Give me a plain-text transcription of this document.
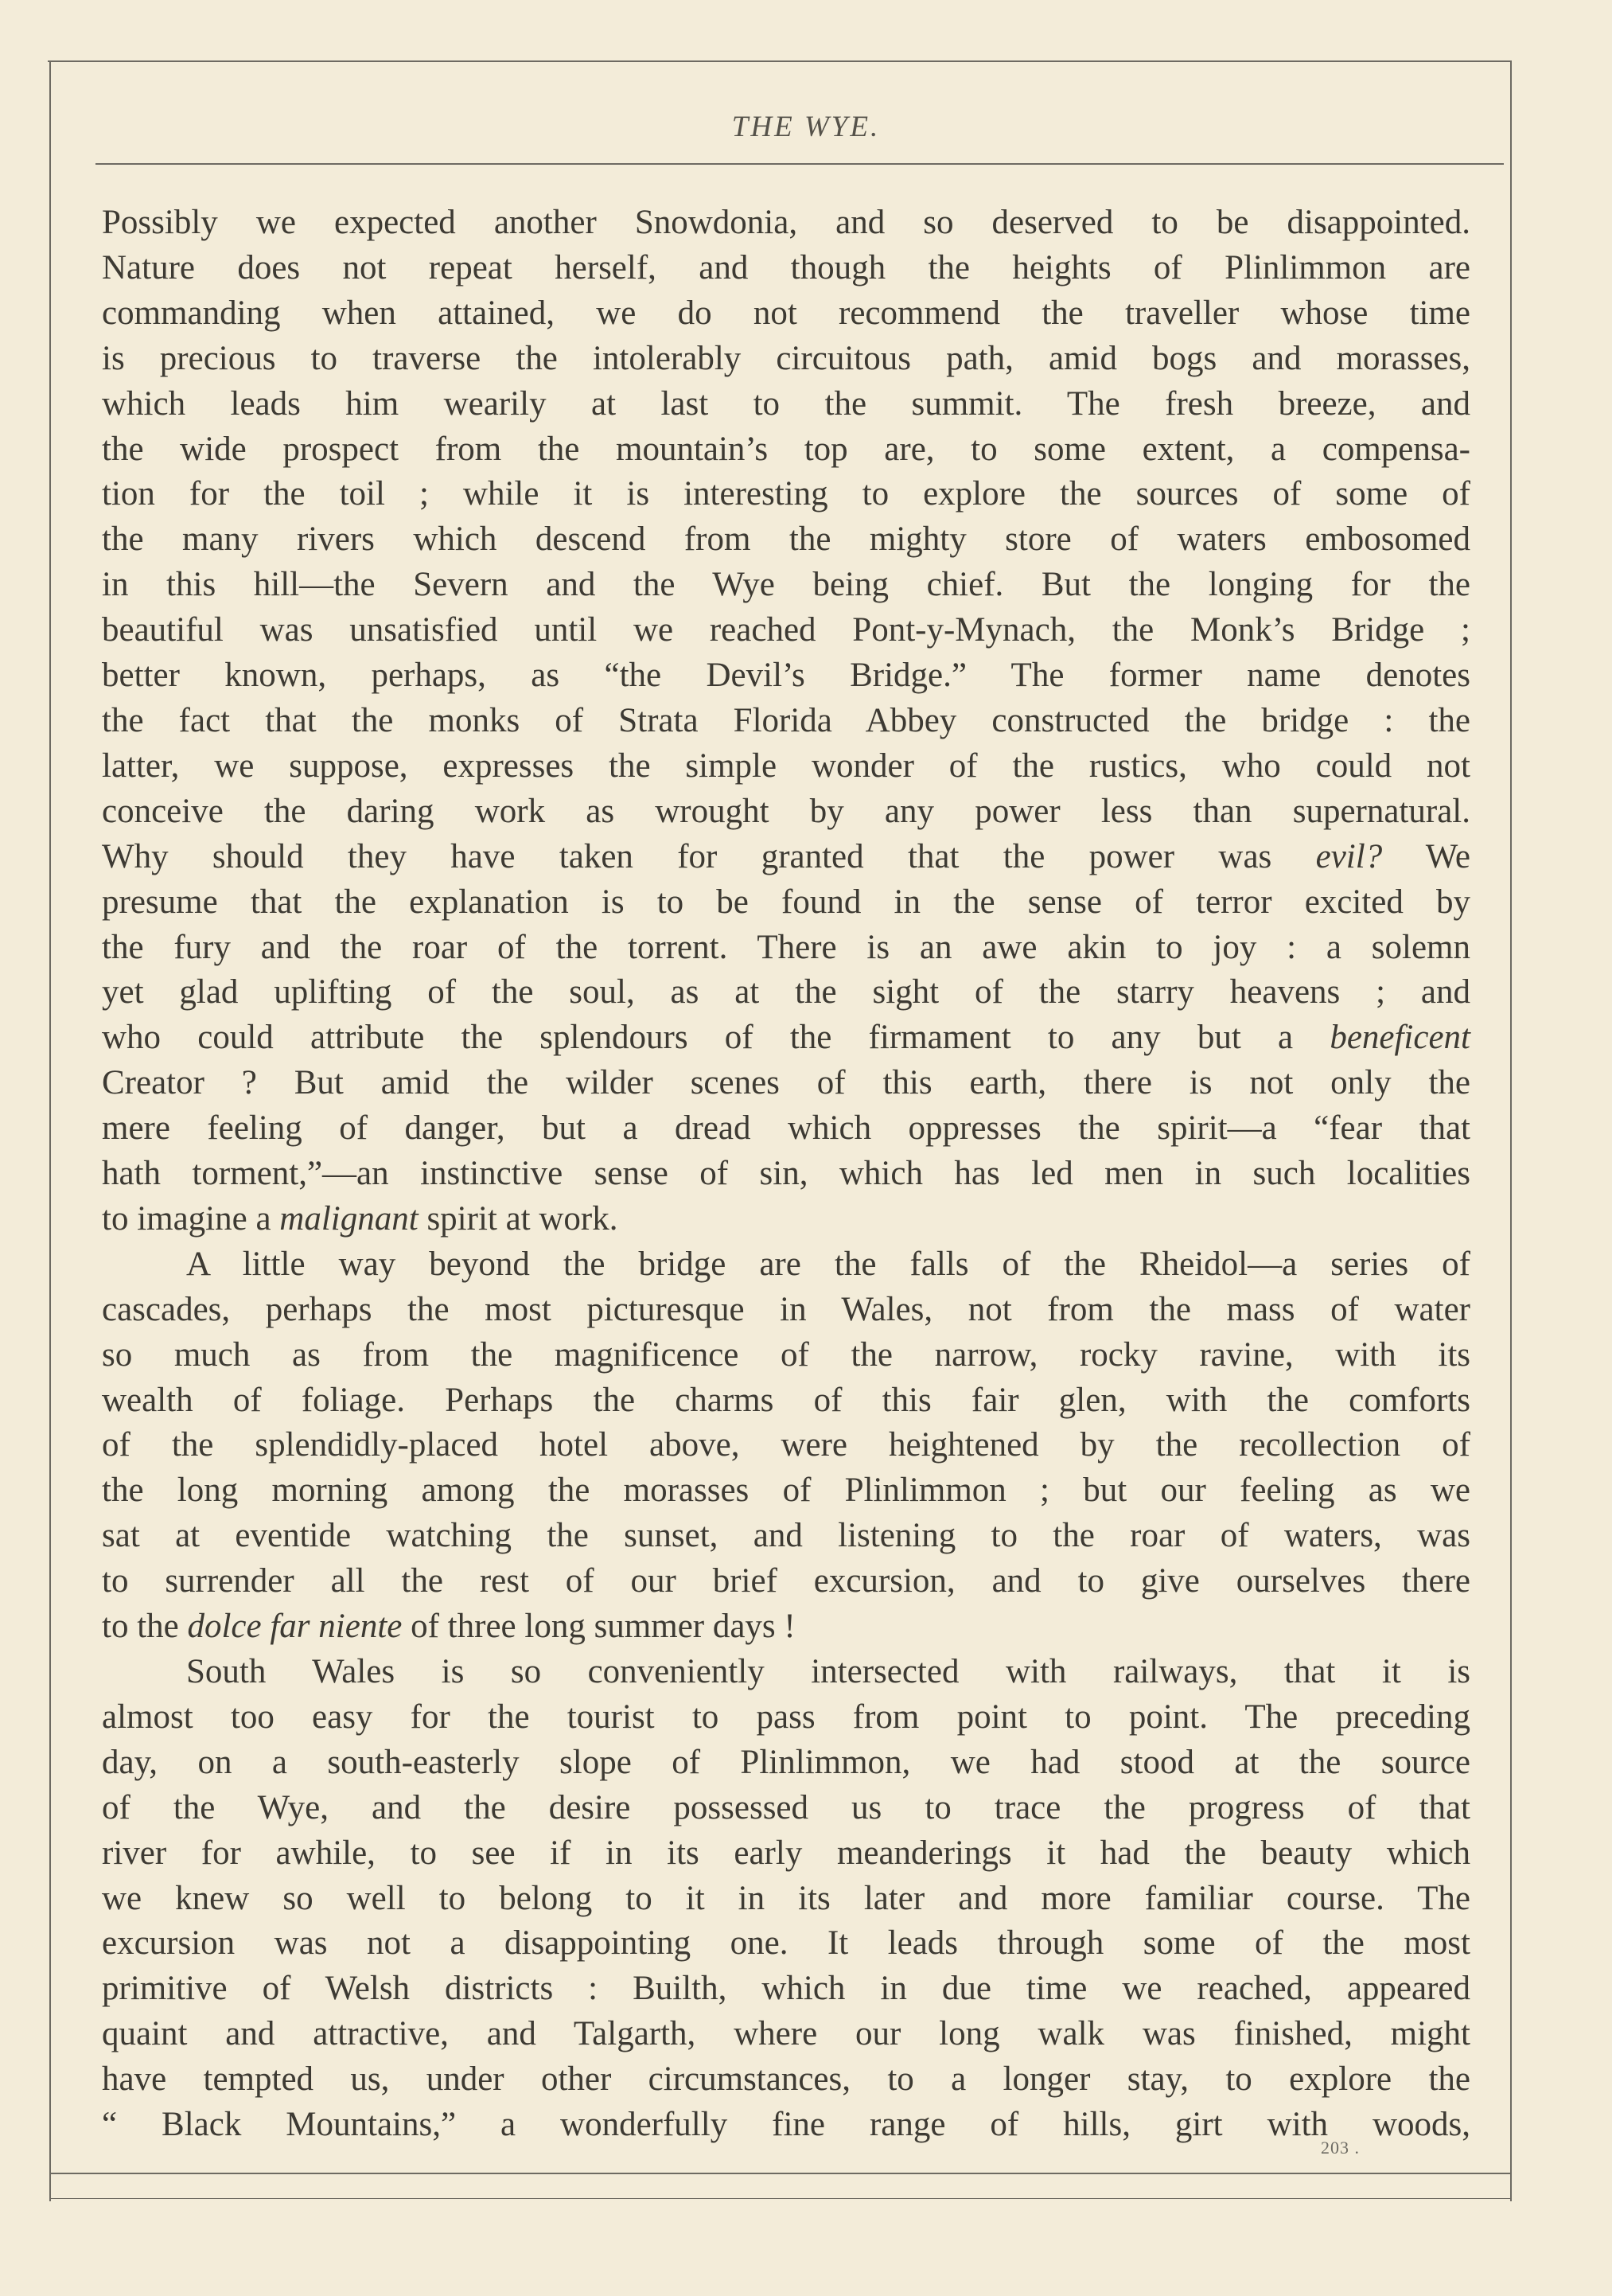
THE WYE.

Possibly we expected another Snowdonia, and so deserved to be disappointed.
Nature does not repeat herself, and though the heights of Plinlimmon are
commanding when attained, we do not recommend the traveller whose time
is precious to traverse the intolerably circuitous path, amid bogs and morasses,
which leads him wearily at last to the summit. The fresh breeze, and
the wide prospect from the mountain’s top are, to some extent, a compensa-
tion for the toil ; while it is interesting to explore the sources of some of
the many rivers which descend from the mighty store of waters embosomed
in this hill—the Severn and the Wye being chief. But the longing for the
beautiful was unsatisfied until we reached Pont-y-Mynach, the Monk’s Bridge ;
better known, perhaps, as “the Devil’s Bridge.” The former name denotes
the fact that the monks of Strata Florida Abbey constructed the bridge : the
latter, we suppose, expresses the simple wonder of the rustics, who could not
conceive the daring work as wrought by any power less than supernatural.
Why should they have taken for granted that the power was evil? We
presume that the explanation is to be found in the sense of terror excited by
the fury and the roar of the torrent. There is an awe akin to joy : a solemn
yet glad uplifting of the soul, as at the sight of the starry heavens ; and
who could attribute the splendours of the firmament to any but a beneficent
Creator ? But amid the wilder scenes of this earth, there is not only the
mere feeling of danger, but a dread which oppresses the spirit—a “fear that
hath torment,”—an instinctive sense of sin, which has led men in such localities
to imagine a malignant spirit at work.

A little way beyond the bridge are the falls of the Rheidol—a series of
cascades, perhaps the most picturesque in Wales, not from the mass of water
so much as from the magnificence of the narrow, rocky ravine, with its
wealth of foliage. Perhaps the charms of this fair glen, with the comforts
of the splendidly-placed hotel above, were heightened by the recollection of
the long morning among the morasses of Plinlimmon ; but our feeling as we
sat at eventide watching the sunset, and listening to the roar of waters, was
to surrender all the rest of our brief excursion, and to give ourselves there
to the dolce far niente of three long summer days !

South Wales is so conveniently intersected with railways, that it is
almost too easy for the tourist to pass from point to point. The preceding
day, on a south-easterly slope of Plinlimmon, we had stood at the source
of the Wye, and the desire possessed us to trace the progress of that
river for awhile, to see if in its early meanderings it had the beauty which
we knew so well to belong to it in its later and more familiar course. The
excursion was not a disappointing one. It leads through some of the most
primitive of Welsh districts : Builth, which in due time we reached, appeared
quaint and attractive, and Talgarth, where our long walk was finished, might
have tempted us, under other circumstances, to a longer stay, to explore the
“ Black Mountains,” a wonderfully fine range of hills, girt with woods,

203 .
